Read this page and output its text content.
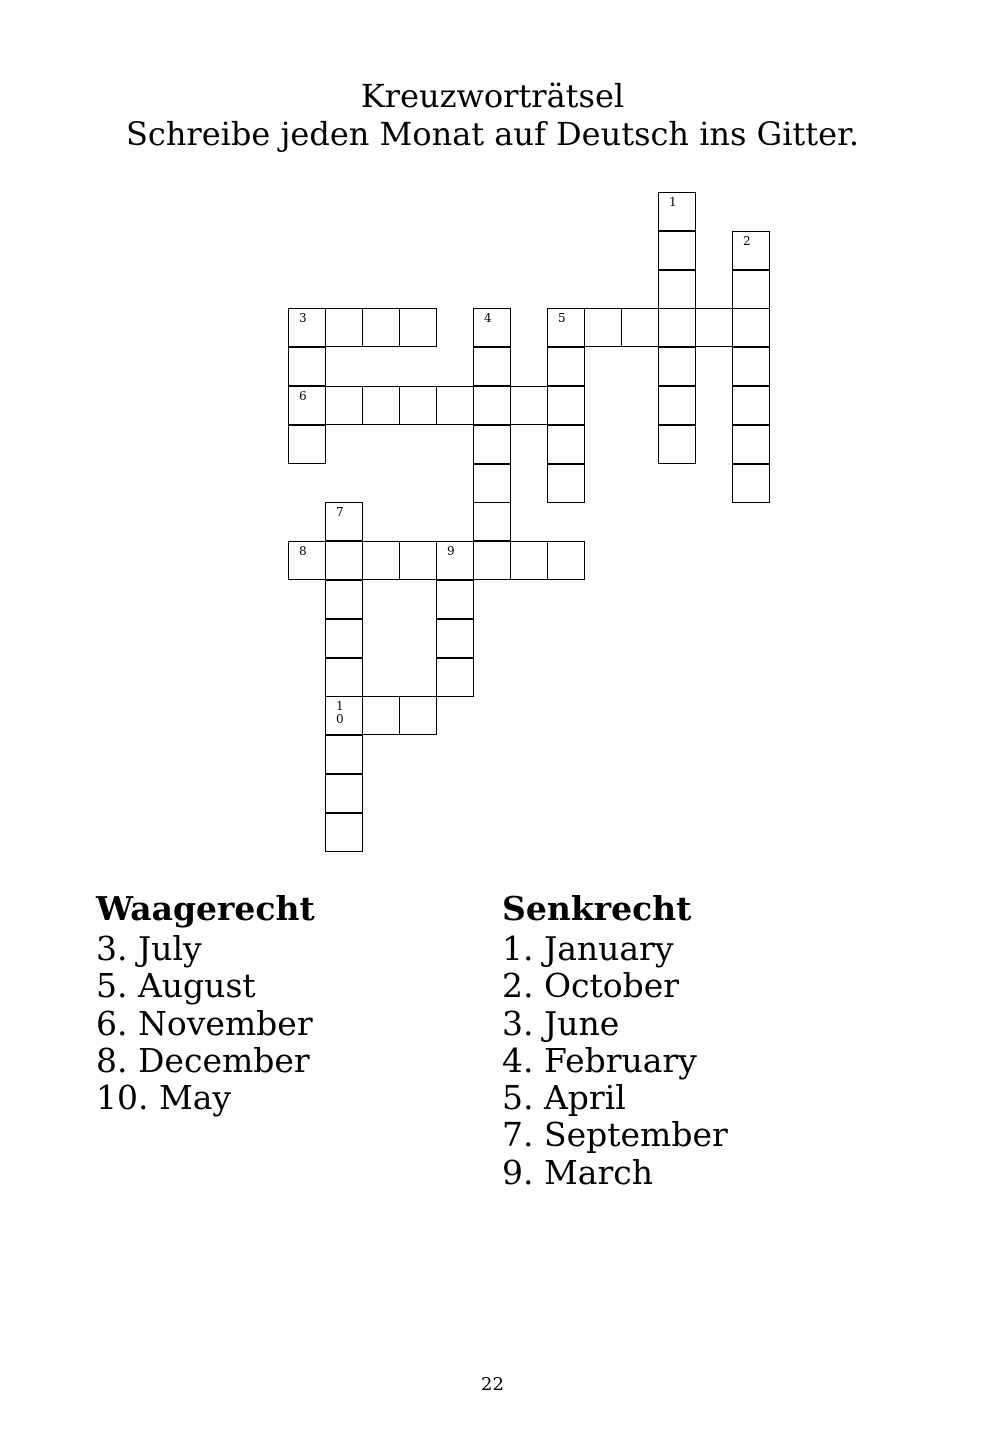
Kreuzworträtsel
Schreibe jeden Monat auf Deutsch ins Gitter.
1
2
3
6
4	5
7
10
8	9
Waagerecht
3. July
5. August
6. November
8. December
10. May
Senkrecht
1. January
2. October
3. June
4. February
5. April
7. September
9. March
22
